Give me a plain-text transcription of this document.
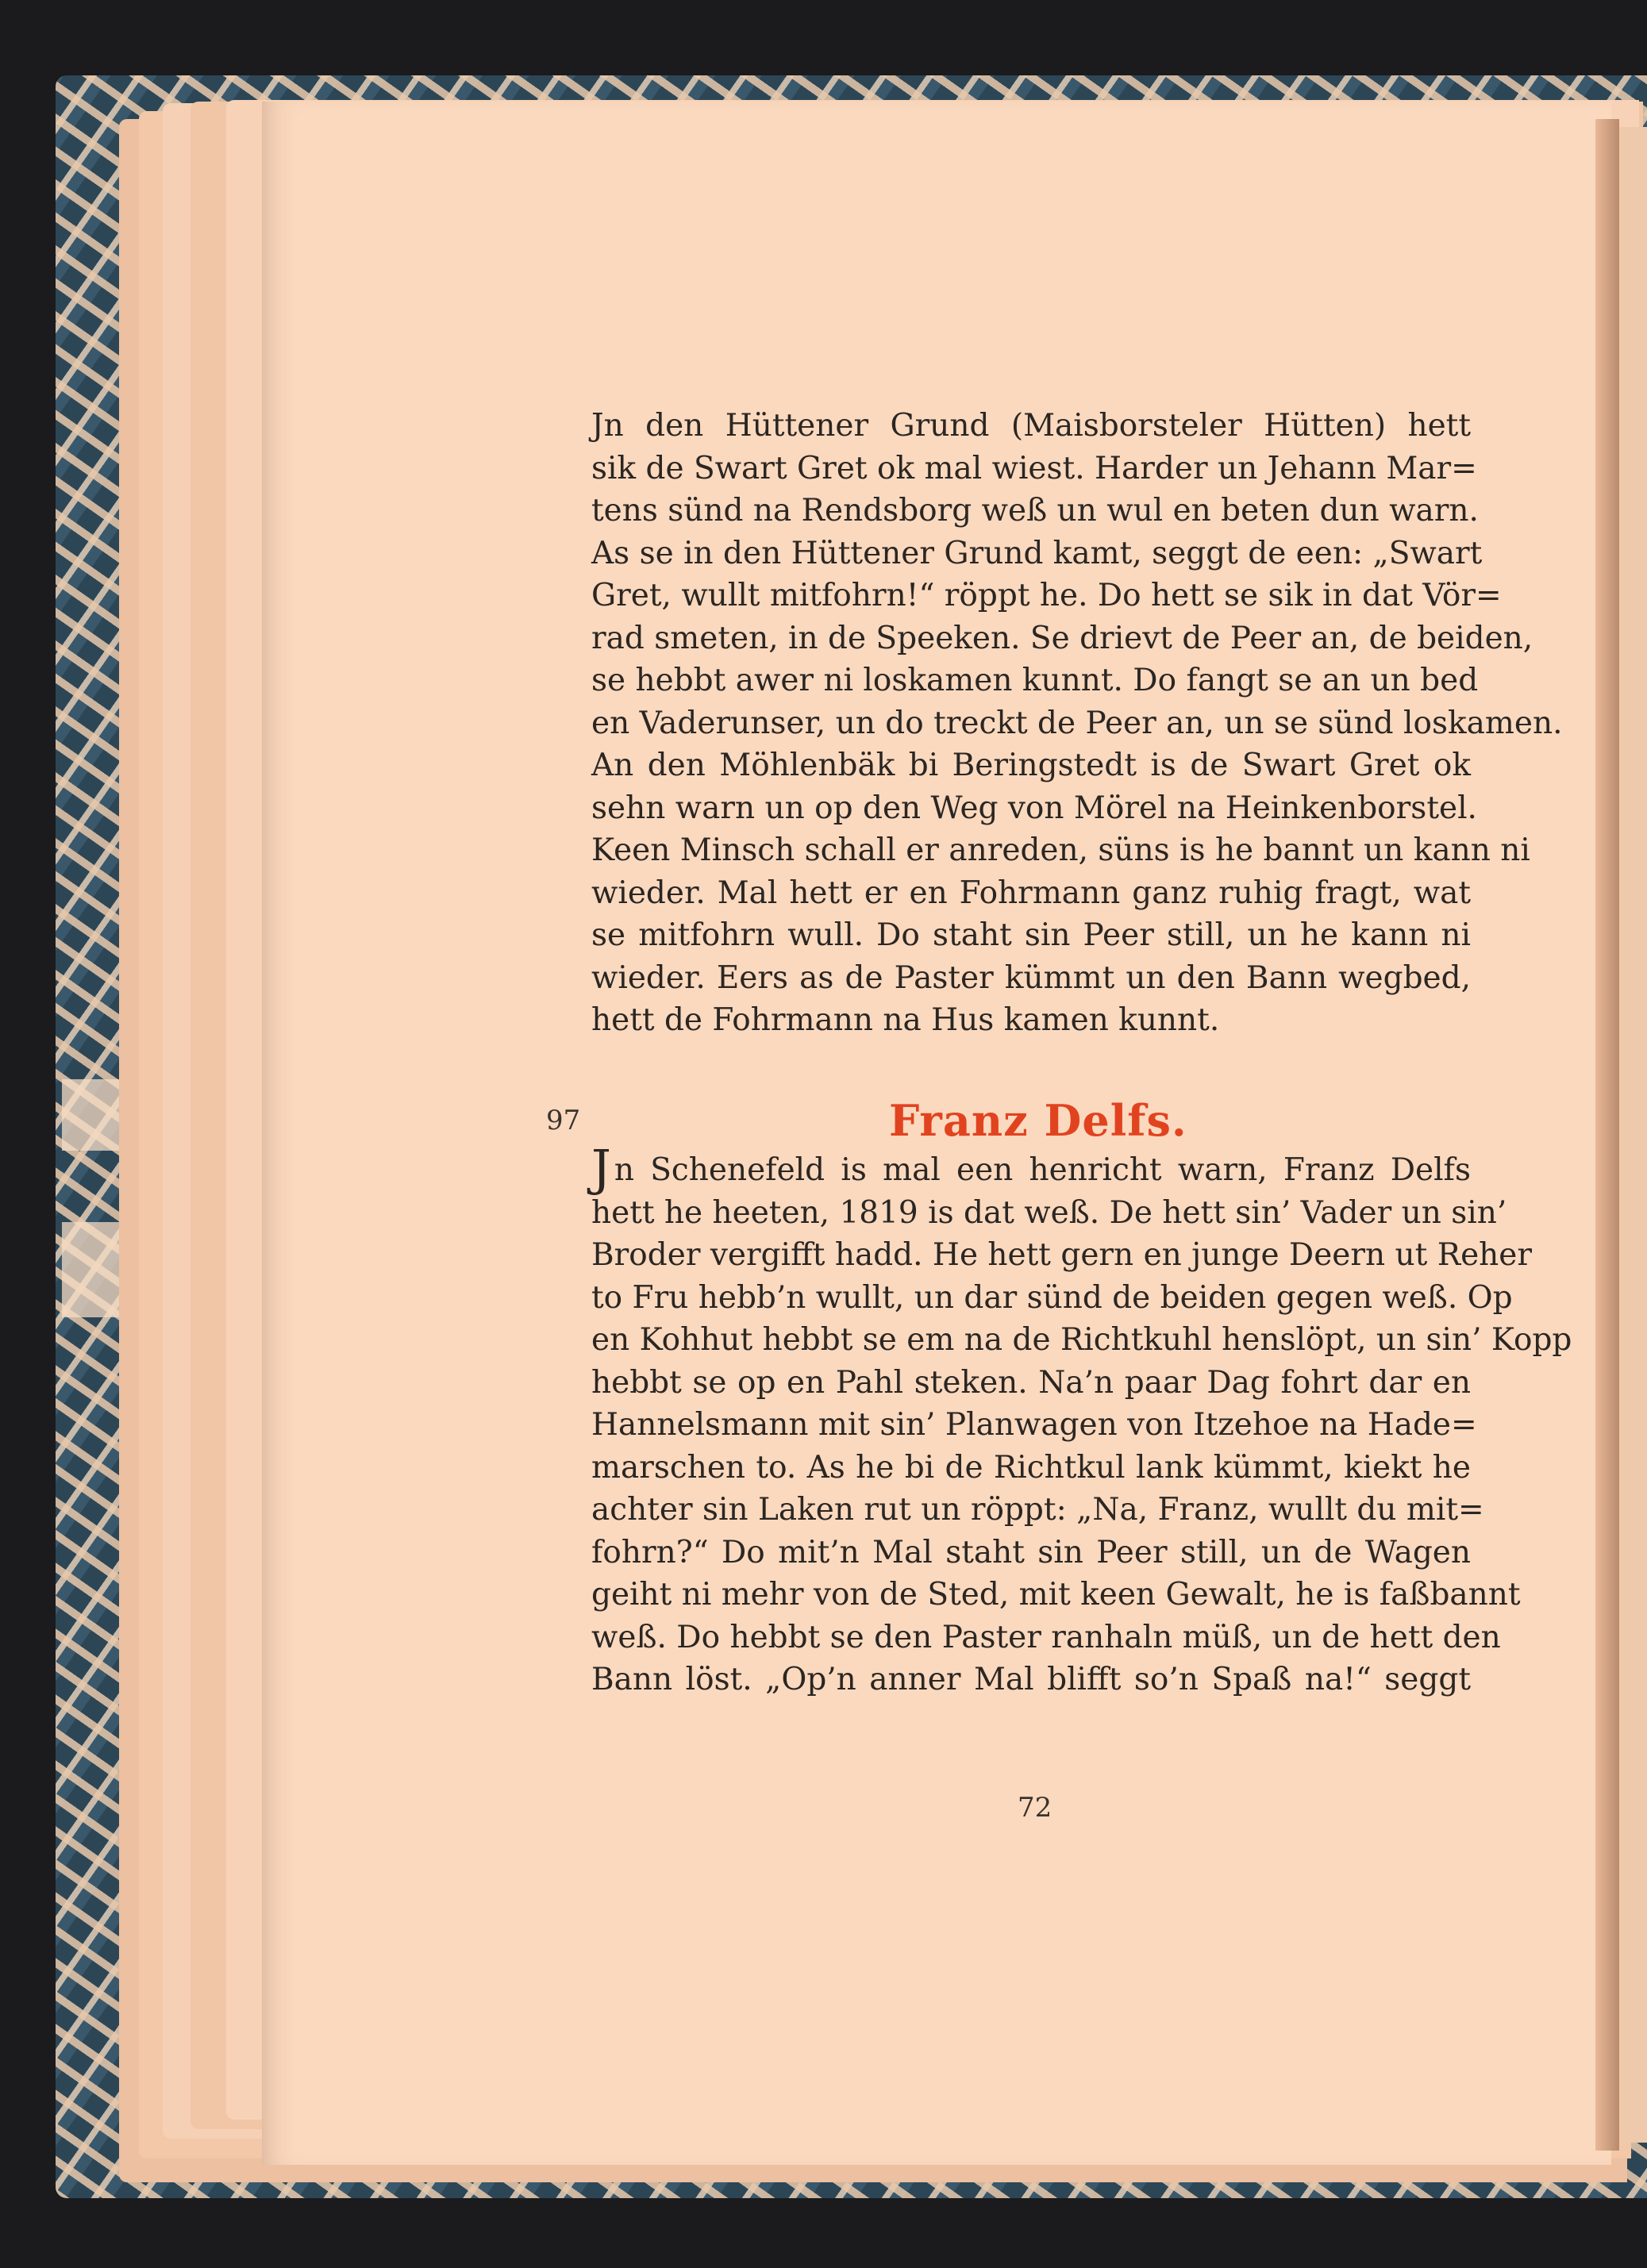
Jn den Hüttener Grund (Maisborsteler Hütten) hett
sik de Swart Gret ok mal wiest. Harder un Jehann Mar=
tens sünd na Rendsborg weß un wul en beten dun warn.
As se in den Hüttener Grund kamt, seggt de een: „Swart
Gret, wullt mitfohrn!“ röppt he. Do hett se sik in dat Vör=
rad smeten, in de Speeken. Se drievt de Peer an, de beiden,
se hebbt awer ni loskamen kunnt. Do fangt se an un bed
en Vaderunser, un do treckt de Peer an, un se sünd loskamen.
An den Möhlenbäk bi Beringstedt is de Swart Gret ok
sehn warn un op den Weg von Mörel na Heinkenborstel.
Keen Minsch schall er anreden, süns is he bannt un kann ni
wieder. Mal hett er en Fohrmann ganz ruhig fragt, wat
se mitfohrn wull. Do staht sin Peer still, un he kann ni
wieder. Eers as de Paster kümmt un den Bann wegbed,
hett de Fohrmann na Hus kamen kunnt.
97	Franz Delfs.
Jn Schenefeld is mal een henricht warn, Franz Delfs
hett he heeten, 1819 is dat weß. De hett sin’ Vader un sin’
Broder vergifft hadd. He hett gern en junge Deern ut Reher
to Fru hebb’n wullt, un dar sünd de beiden gegen weß. Op
en Kohhut hebbt se em na de Richtkuhl henslöpt, un sin’ Kopp
hebbt se op en Pahl steken. Na’n paar Dag fohrt dar en
Hannelsmann mit sin’ Planwagen von Itzehoe na Hade=
marschen to. As he bi de Richtkul lank kümmt, kiekt he
achter sin Laken rut un röppt: „Na, Franz, wullt du mit=
fohrn?“ Do mit’n Mal staht sin Peer still, un de Wagen
geiht ni mehr von de Sted, mit keen Gewalt, he is faßbannt
weß. Do hebbt se den Paster ranhaln müß, un de hett den
Bann löst. „Op’n anner Mal blifft so’n Spaß na!“ seggt
72
